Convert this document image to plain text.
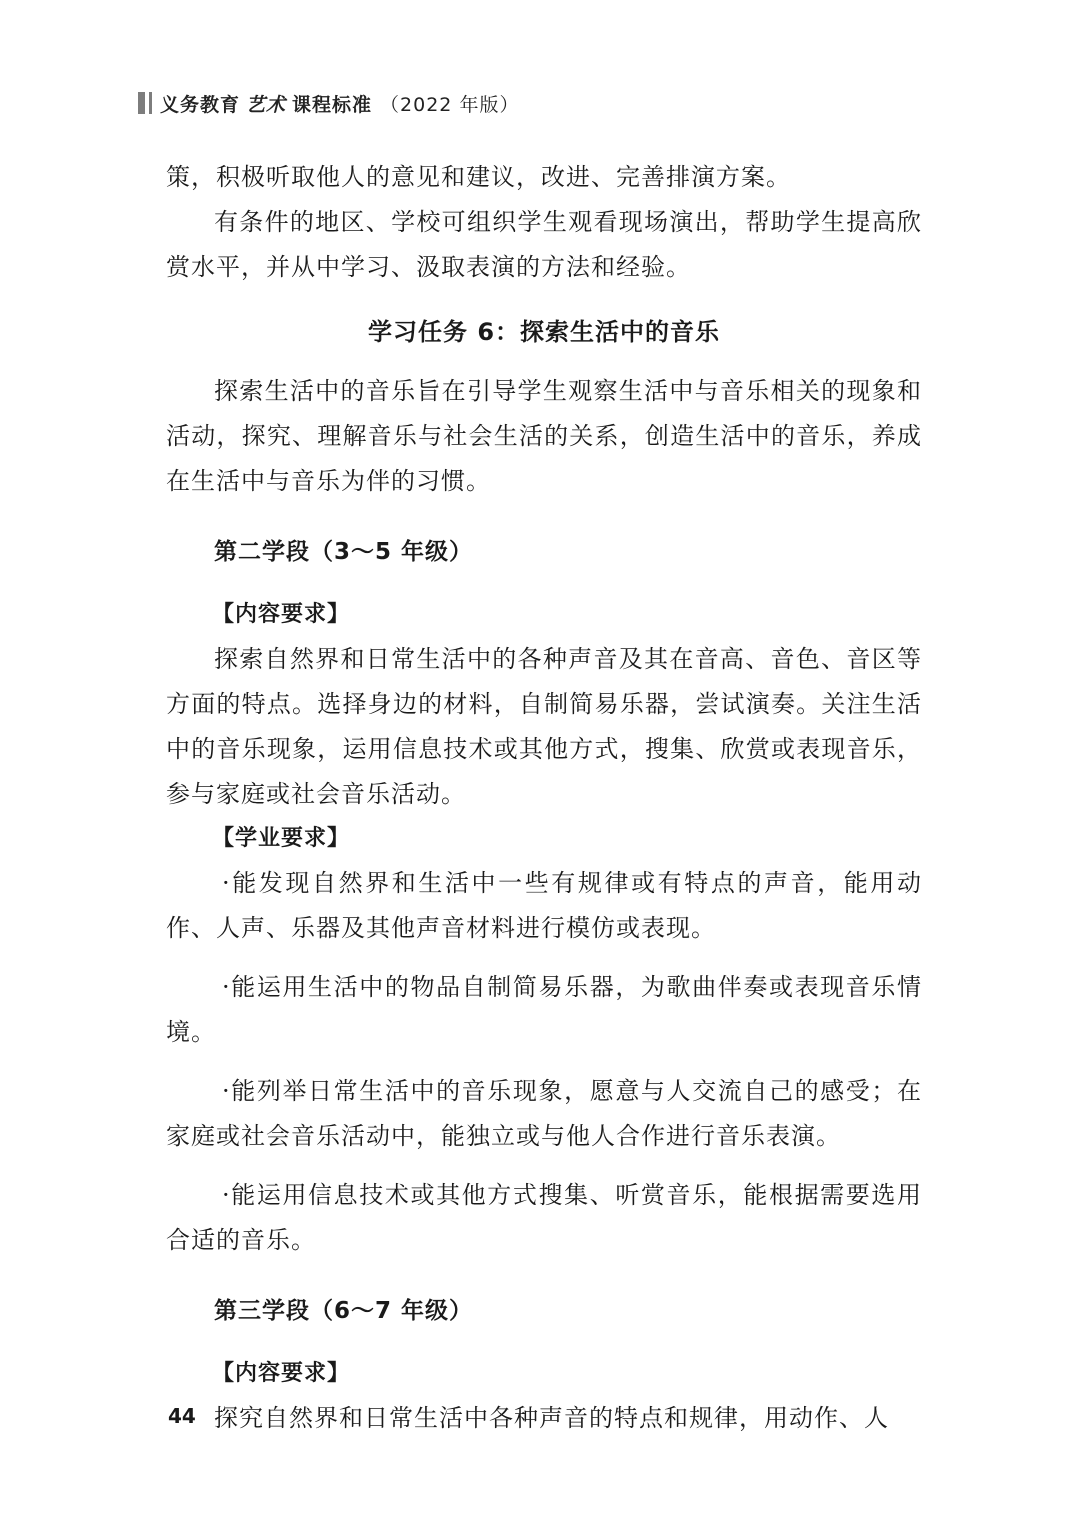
义务教育 艺术 课程标准 （2022 年版）

策，积极听取他人的意见和建议，改进、完善排演方案。

有条件的地区、学校可组织学生观看现场演出，帮助学生提高欣赏水平，并从中学习、汲取表演的方法和经验。

学习任务 6：探索生活中的音乐

探索生活中的音乐旨在引导学生观察生活中与音乐相关的现象和活动，探究、理解音乐与社会生活的关系，创造生活中的音乐，养成在生活中与音乐为伴的习惯。

第二学段（3～5 年级）

【内容要求】

探索自然界和日常生活中的各种声音及其在音高、音色、音区等方面的特点。选择身边的材料，自制简易乐器，尝试演奏。关注生活中的音乐现象，运用信息技术或其他方式，搜集、欣赏或表现音乐，参与家庭或社会音乐活动。

【学业要求】

·能发现自然界和生活中一些有规律或有特点的声音，能用动作、人声、乐器及其他声音材料进行模仿或表现。

·能运用生活中的物品自制简易乐器，为歌曲伴奏或表现音乐情境。

·能列举日常生活中的音乐现象，愿意与人交流自己的感受；在家庭或社会音乐活动中，能独立或与他人合作进行音乐表演。

·能运用信息技术或其他方式搜集、听赏音乐，能根据需要选用合适的音乐。

第三学段（6～7 年级）

【内容要求】

探究自然界和日常生活中各种声音的特点和规律，用动作、人

44
